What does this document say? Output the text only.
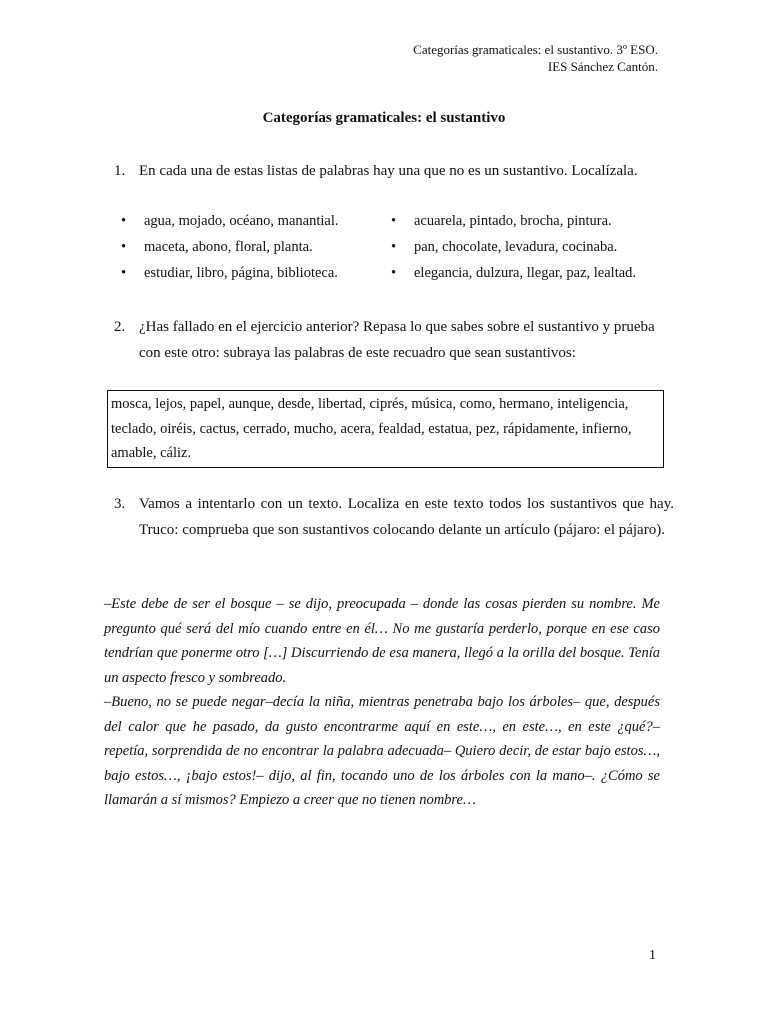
Categorías gramaticales: el sustantivo. 3º ESO.
IES Sánchez Cantón.
Categorías gramaticales: el sustantivo
1. En cada una de estas listas de palabras hay una que no es un sustantivo. Localízala.
• agua, mojado, océano, manantial.
• maceta, abono, floral, planta.
• estudiar, libro, página, biblioteca.
• acuarela, pintado, brocha, pintura.
• pan, chocolate, levadura, cocinaba.
• elegancia, dulzura, llegar, paz, lealtad.
2. ¿Has fallado en el ejercicio anterior? Repasa lo que sabes sobre el sustantivo y prueba con este otro: subraya las palabras de este recuadro que sean sustantivos:
mosca, lejos, papel, aunque, desde, libertad, ciprés, música, como, hermano, inteligencia, teclado, oiréis, cactus, cerrado, mucho, acera, fealdad, estatua, pez, rápidamente, infierno, amable, cáliz.
3. Vamos a intentarlo con un texto. Localiza en este texto todos los sustantivos que hay. Truco: comprueba que son sustantivos colocando delante un artículo (pájaro: el pájaro).

–Este debe de ser el bosque – se dijo, preocupada – donde las cosas pierden su nombre. Me pregunto qué será del mío cuando entre en él… No me gustaría perderlo, porque en ese caso tendrían que ponerme otro […] Discurriendo de esa manera, llegó a la orilla del bosque. Tenía un aspecto fresco y sombreado.

–Bueno, no se puede negar–decía la niña, mientras penetraba bajo los árboles– que, después del calor que he pasado, da gusto encontrarme aquí en este…, en este…, en este ¿qué?– repetía, sorprendida de no encontrar la palabra adecuada– Quiero decir, de estar bajo estos…, bajo estos…, ¡bajo estos!– dijo, al fin, tocando uno de los árboles con la mano–. ¿Cómo se llamarán a sí mismos? Empiezo a creer que no tienen nombre…

1
